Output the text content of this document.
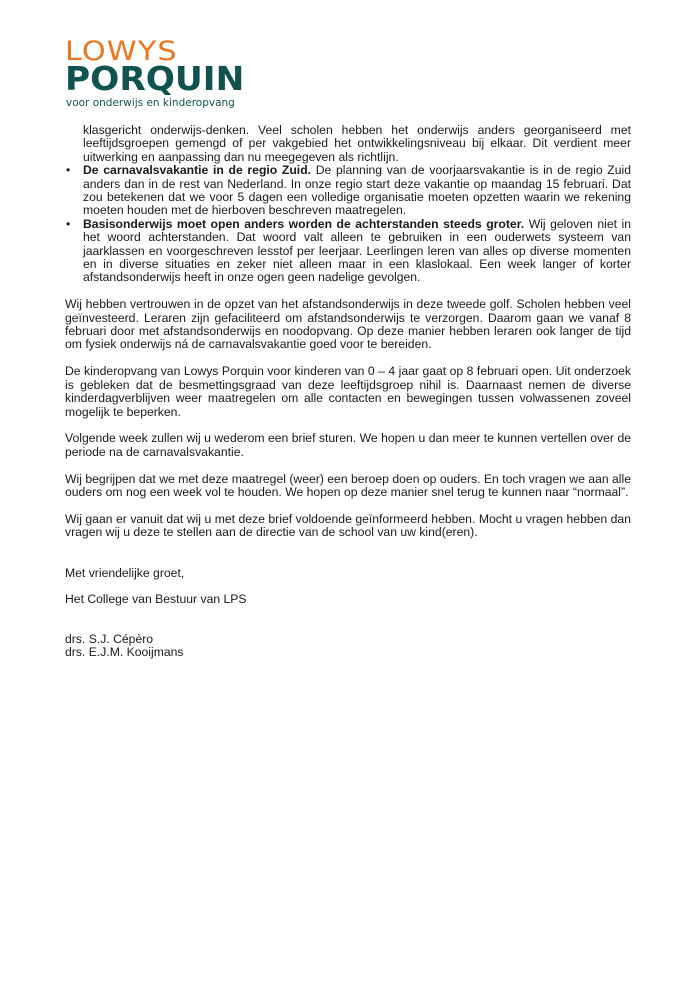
LOWYS
PORQUIN
voor onderwijs en kinderopvang
klasgericht onderwijs-denken. Veel scholen hebben het onderwijs anders georganiseerd met leeftijdsgroepen gemengd of per vakgebied het ontwikkelingsniveau bij elkaar. Dit verdient meer uitwerking en aanpassing dan nu meegegeven als richtlijn.
•	De carnavalsvakantie in de regio Zuid. De planning van de voorjaarsvakantie is in de regio Zuid anders dan in de rest van Nederland. In onze regio start deze vakantie op maandag 15 februari. Dat zou betekenen dat we voor 5 dagen een volledige organisatie moeten opzetten waarin we rekening moeten houden met de hierboven beschreven maatregelen.
•	Basisonderwijs moet open anders worden de achterstanden steeds groter. Wij geloven niet in het woord achterstanden. Dat woord valt alleen te gebruiken in een ouderwets systeem van jaarklassen en voorgeschreven lesstof per leerjaar. Leerlingen leren van alles op diverse momenten en in diverse situaties en zeker niet alleen maar in een klaslokaal. Een week langer of korter afstandsonderwijs heeft in onze ogen geen nadelige gevolgen.

Wij hebben vertrouwen in de opzet van het afstandsonderwijs in deze tweede golf. Scholen hebben veel geïnvesteerd. Leraren zijn gefaciliteerd om afstandsonderwijs te verzorgen. Daarom gaan we vanaf 8 februari door met afstandsonderwijs en noodopvang. Op deze manier hebben leraren ook langer de tijd om fysiek onderwijs ná de carnavalsvakantie goed voor te bereiden.

De kinderopvang van Lowys Porquin voor kinderen van 0 – 4 jaar gaat op 8 februari open. Uit onderzoek is gebleken dat de besmettingsgraad van deze leeftijdsgroep nihil is. Daarnaast nemen de diverse kinderdagverblijven weer maatregelen om alle contacten en bewegingen tussen volwassenen zoveel mogelijk te beperken.

Volgende week zullen wij u wederom een brief sturen. We hopen u dan meer te kunnen vertellen over de periode na de carnavalsvakantie.

Wij begrijpen dat we met deze maatregel (weer) een beroep doen op ouders. En toch vragen we aan alle ouders om nog een week vol te houden. We hopen op deze manier snel terug te kunnen naar “normaal”.

Wij gaan er vanuit dat wij u met deze brief voldoende geïnformeerd hebben. Mocht u vragen hebben dan vragen wij u deze te stellen aan de directie van de school van uw kind(eren).

Met vriendelijke groet,

Het College van Bestuur van LPS

drs. S.J. Cépèro
drs. E.J.M. Kooijmans
